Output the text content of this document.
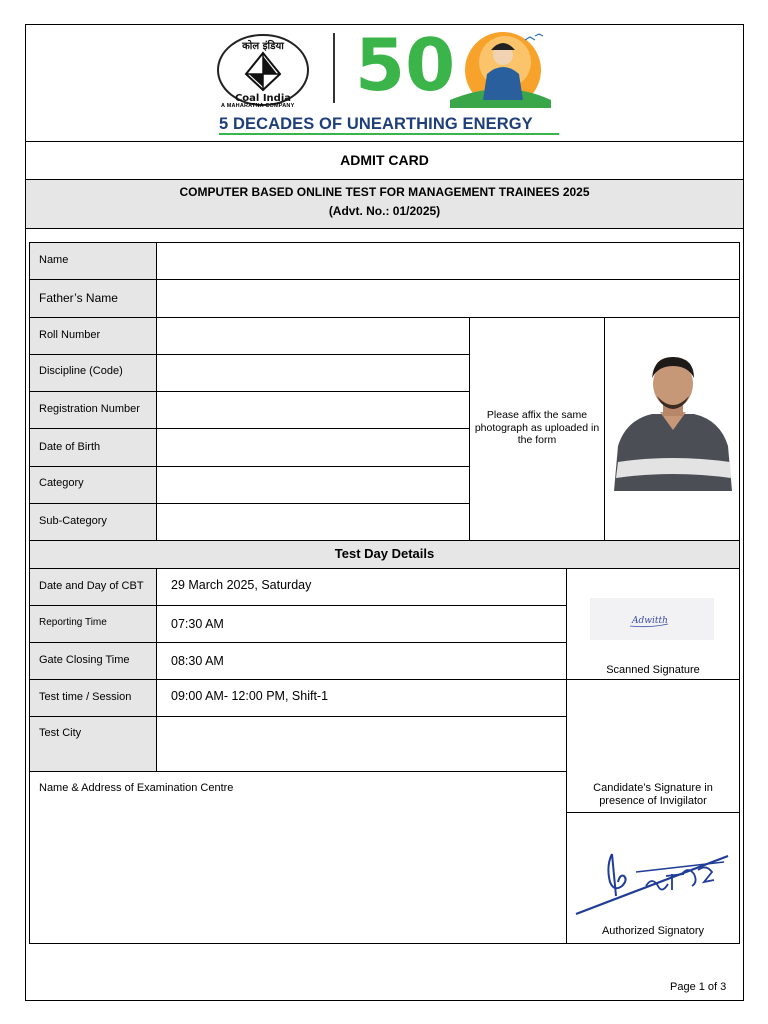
कोल इंडिया
Coal India
A MAHARATNA COMPANY 50
5 DECADES OF UNEARTHING ENERGY
ADMIT CARD
COMPUTER BASED ONLINE TEST FOR MANAGEMENT TRAINEES 2025
(Advt. No.: 01/2025)
Name
Father’s Name
Roll Number
Discipline (Code)
Registration Number
Date of Birth
Category
Sub-Category
Please affix the same photograph as uploaded in the form
Test Day Details
Date and Day of CBT 29 March 2025, Saturday
Reporting Time	07:30 AM
Gate Closing Time	08:30 AM
Test time / Session	09:00 AM- 12:00 PM, Shift-1
Test City
Name & Address of Examination Centre
Adwitth
Scanned Signature
Candidate’s Signature in presence of Invigilator
Authorized Signatory
Page 1 of 3
